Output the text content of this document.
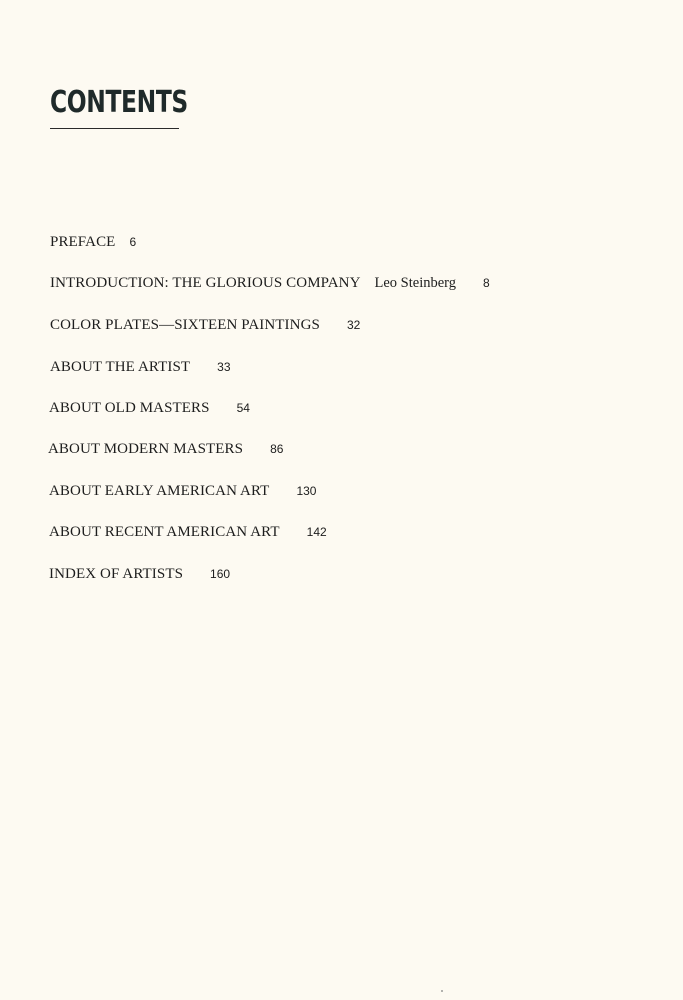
CONTENTS
PREFACE 6
INTRODUCTION: THE GLORIOUS COMPANY Leo Steinberg 8
COLOR PLATES—SIXTEEN PAINTINGS 32
ABOUT THE ARTIST 33
ABOUT OLD MASTERS 54
ABOUT MODERN MASTERS 86
ABOUT EARLY AMERICAN ART 130
ABOUT RECENT AMERICAN ART 142
INDEX OF ARTISTS 160
